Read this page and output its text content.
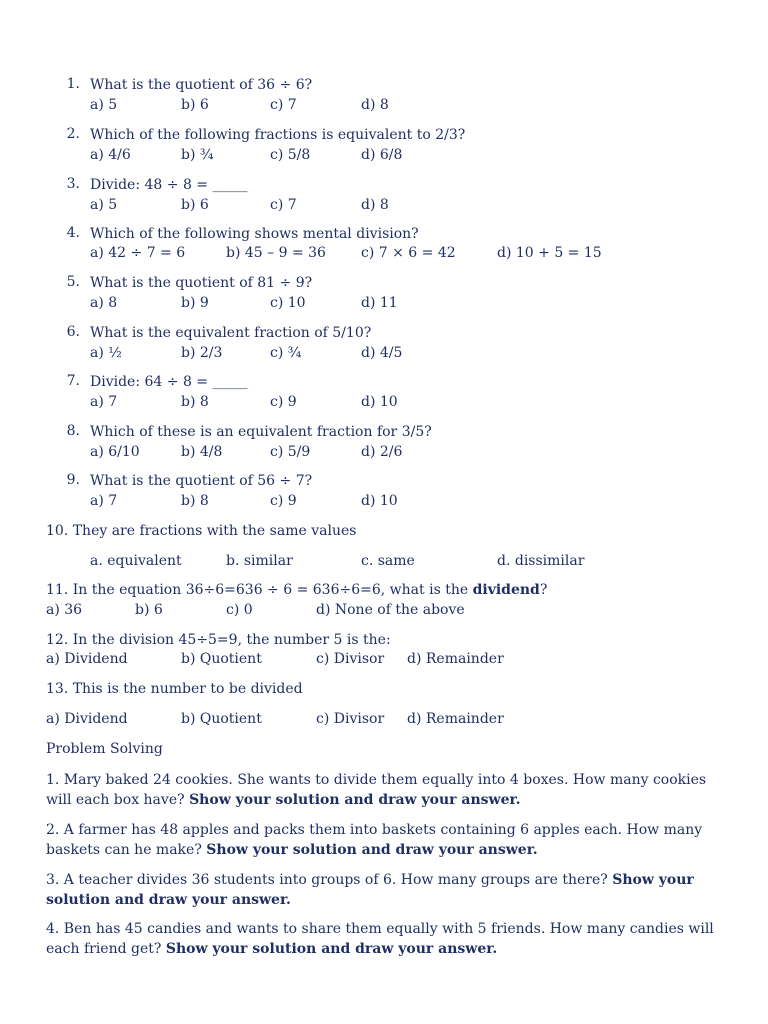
1. What is the quotient of 36 ÷ 6?
a) 5	b) 6	c) 7	d) 8
2. Which of the following fractions is equivalent to 2/3?
a) 4/6	b) ¾	c) 5/8	d) 6/8
3. Divide: 48 ÷ 8 = _____
a) 5	b) 6	c) 7	d) 8
4. Which of the following shows mental division?
a) 42 ÷ 7 = 6	b) 45 – 9 = 36	c) 7 × 6 = 42	d) 10 + 5 = 15
5. What is the quotient of 81 ÷ 9?
a) 8	b) 9	c) 10	d) 11
6. What is the equivalent fraction of 5/10?
a) ½	b) 2/3	c) ¾	d) 4/5
7. Divide: 64 ÷ 8 = _____
a) 7	b) 8	c) 9	d) 10
8. Which of these is an equivalent fraction for 3/5?
a) 6/10	b) 4/8	c) 5/9	d) 2/6
9. What is the quotient of 56 ÷ 7?
a) 7	b) 8	c) 9	d) 10
10. They are fractions with the same values
a. equivalent	b. similar	c. same	d. dissimilar
11. In the equation 36÷6=636 ÷ 6 = 636÷6=6, what is the dividend?
a) 36	b) 6	c) 0	d) None of the above
12. In the division 45÷5=9, the number 5 is the:
a) Dividend	b) Quotient	c) Divisor d) Remainder
13. This is the number to be divided
a) Dividend	b) Quotient	c) Divisor d) Remainder
Problem Solving
1. Mary baked 24 cookies. She wants to divide them equally into 4 boxes. How many cookies will each box have? Show your solution and draw your answer.
2. A farmer has 48 apples and packs them into baskets containing 6 apples each. How many baskets can he make? Show your solution and draw your answer.
3. A teacher divides 36 students into groups of 6. How many groups are there? Show your solution and draw your answer.
4. Ben has 45 candies and wants to share them equally with 5 friends. How many candies will each friend get? Show your solution and draw your answer.
